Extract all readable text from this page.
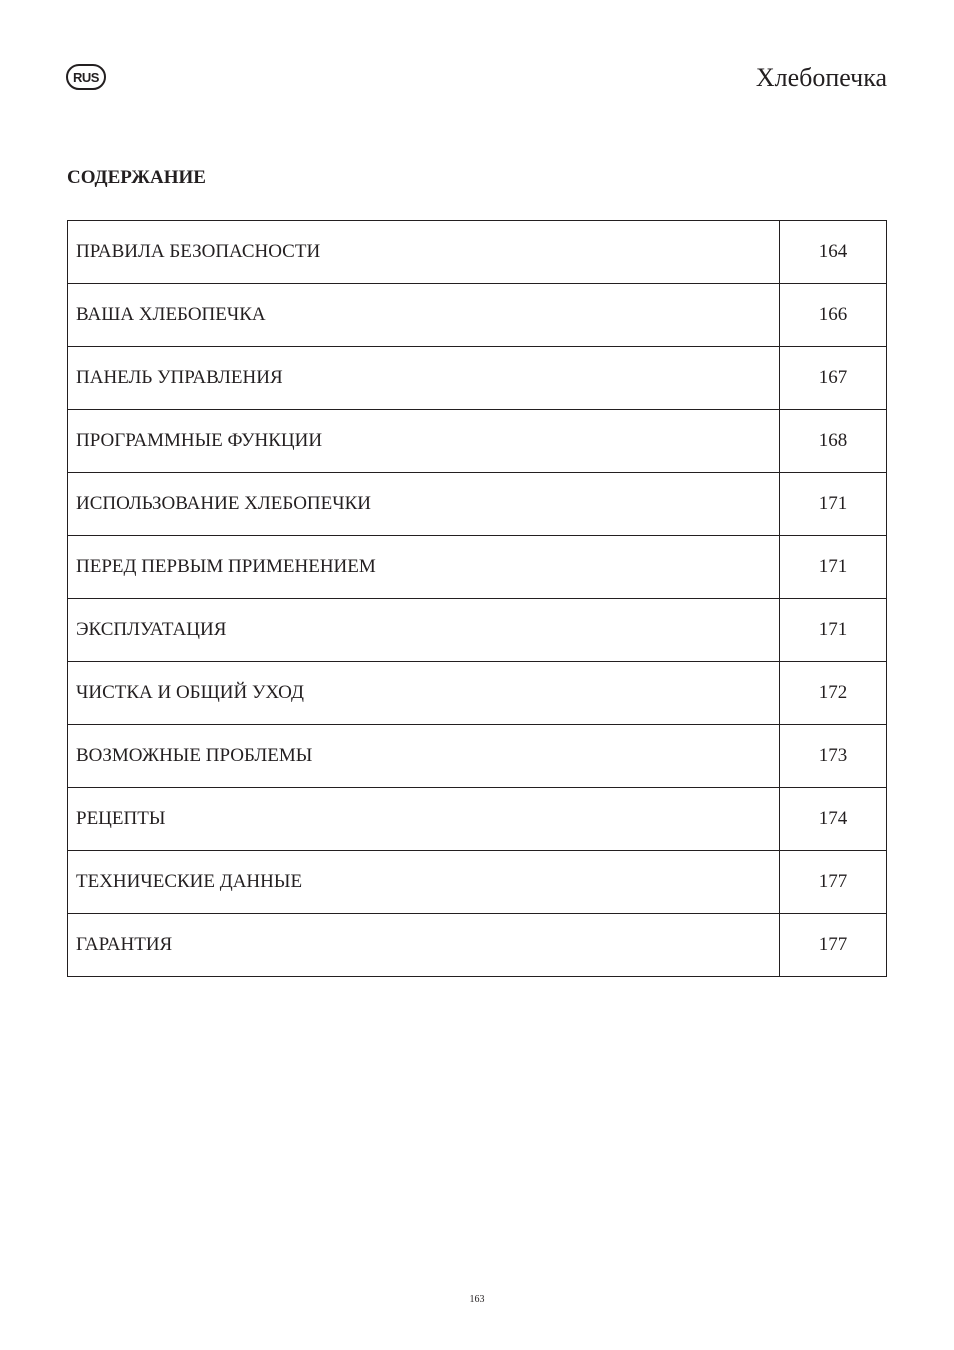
RUS	Хлебопечка
СОДЕРЖАНИЕ
ПРАВИЛА БЕЗОПАСНОСТИ	164
ВАША ХЛЕБОПЕЧКА	166
ПАНЕЛЬ УПРАВЛЕНИЯ	167
ПРОГРАММНЫЕ ФУНКЦИИ	168
ИСПОЛЬЗОВАНИЕ ХЛЕБОПЕЧКИ	171
ПЕРЕД ПЕРВЫМ ПРИМЕНЕНИЕМ	171
ЭКСПЛУАТАЦИЯ	171
ЧИСТКА И ОБЩИЙ УХОД	172
ВОЗМОЖНЫЕ ПРОБЛЕМЫ	173
РЕЦЕПТЫ	174
ТЕХНИЧЕСКИЕ ДАННЫЕ	177
ГАРАНТИЯ	177
163
